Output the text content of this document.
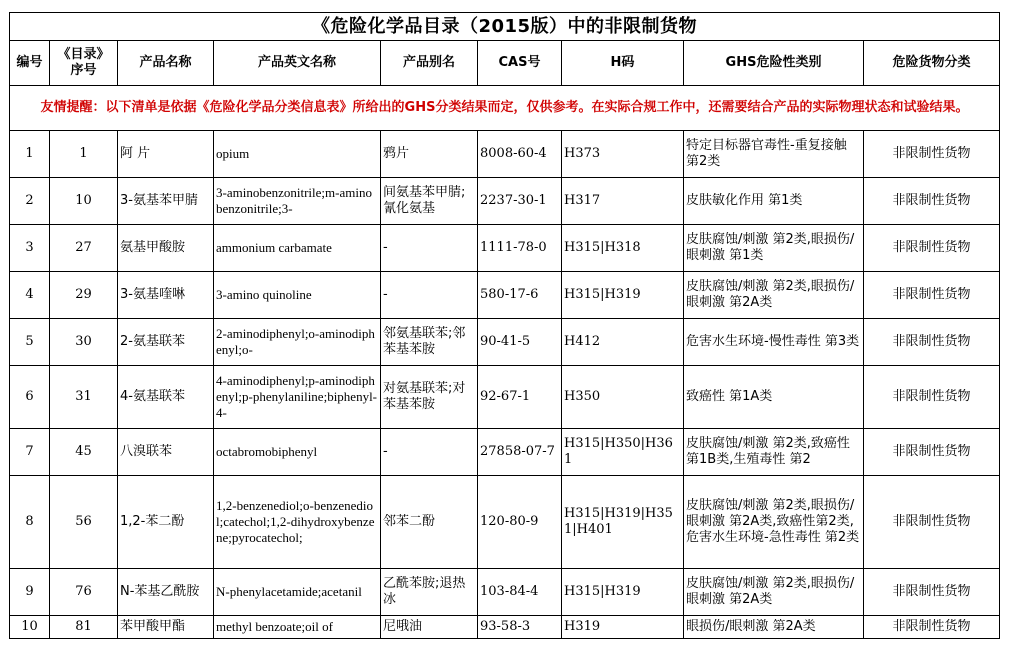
《危险化学品目录（2015版）中的非限制货物								
编号	《目录》序号	产品名称	产品英文名称	产品别名	CAS号	H码	GHS危险性类别	危险货物分类
友情提醒：以下清单是依据《危险化学品分类信息表》所给出的GHS分类结果而定，仅供参考。在实际合规工作中，还需要结合产品的实际物理状态和试验结果。								

1	1	阿 片	opium	鸦片	8008-60-4	H373	特定目标器官毒性-重复接触 第2类	非限制性货物

2	10	3-氨基苯甲腈	3-aminobenzonitrile;m-aminobenzonitrile;3-	间氨基苯甲腈;氰化氨基	2237-30-1	H317	皮肤敏化作用 第1类	非限制性货物

3	27	氨基甲酸胺	ammonium carbamate	-	1111-78-0	H315|H318	皮肤腐蚀/刺激 第2类,眼损伤/眼刺激 第1类	非限制性货物

4	29	3-氨基喹啉	3-amino quinoline	-	580-17-6	H315|H319	皮肤腐蚀/刺激 第2类,眼损伤/眼刺激 第2A类	非限制性货物

5	30	2-氨基联苯	2-aminodiphenyl;o-aminodiphenyl;o-	邻氨基联苯;邻苯基苯胺	90-41-5	H412	危害水生环境-慢性毒性 第3类	非限制性货物

6	31	4-氨基联苯	4-aminodiphenyl;p-aminodiphenyl;p-phenylaniline;biphenyl-4-	对氨基联苯;对苯基苯胺	92-67-1	H350	致癌性 第1A类	非限制性货物

7	45	八溴联苯	octabromobiphenyl	-	27858-07-7	H315|H350|H361	皮肤腐蚀/刺激 第2类,致癌性 第1B类,生殖毒性 第2	非限制性货物

8	56	1,2-苯二酚	1,2-benzenediol;o-benzenediol;catechol;1,2-dihydroxybenzene;pyrocatechol;	邻苯二酚	120-80-9	H315|H319|H351|H401	皮肤腐蚀/刺激 第2类,眼损伤/眼刺激 第2A类,致癌性第2类,危害水生环境-急性毒性 第2类	非限制性货物

9	76	N-苯基乙酰胺	N-phenylacetamide;acetanil	乙酰苯胺;退热冰	103-84-4	H315|H319	皮肤腐蚀/刺激 第2类,眼损伤/眼刺激 第2A类	非限制性货物

10	81	苯甲酸甲酯	methyl benzoate;oil of	尼哦油	93-58-3	H319	眼损伤/眼刺激 第2A类	非限制性货物
